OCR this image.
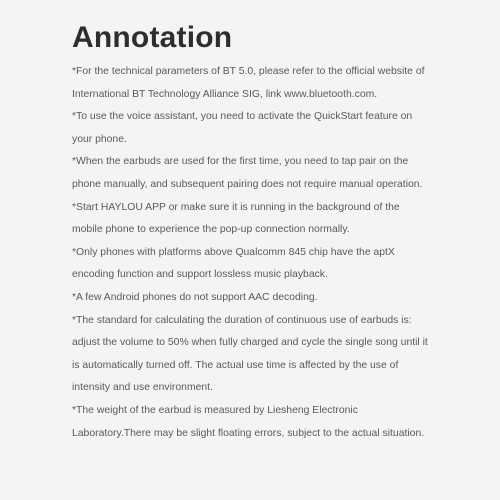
Annotation

*For the technical parameters of BT 5.0, please refer to the official website of International BT Technology Alliance SIG, link www.bluetooth.com.

*To use the voice assistant, you need to activate the QuickStart feature on your phone.

*When the earbuds are used for the first time, you need to tap pair on the phone manually, and subsequent pairing does not require manual operation.

*Start HAYLOU APP or make sure it is running in the background of the mobile phone to experience the pop-up connection normally.

*Only phones with platforms above Qualcomm 845 chip have the aptX encoding function and support lossless music playback.

*A few Android phones do not support AAC decoding.

*The standard for calculating the duration of continuous use of earbuds is: adjust the volume to 50% when fully charged and cycle the single song until it is automatically turned off. The actual use time is affected by the use of intensity and use environment.

*The weight of the earbud is measured by Liesheng Electronic Laboratory.There may be slight floating errors, subject to the actual situation.
